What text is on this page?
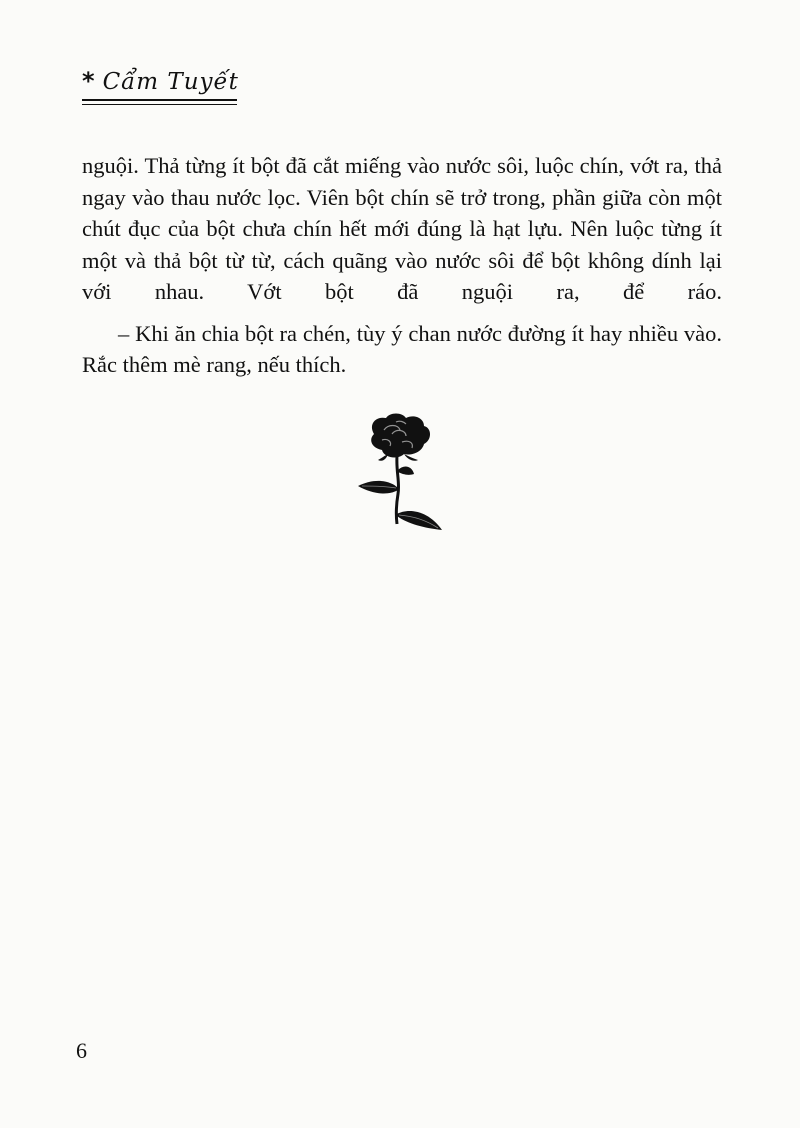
* Cẩm Tuyết

nguội. Thả từng ít bột đã cắt miếng vào nước sôi, luộc chín, vớt ra, thả ngay vào thau nước lọc. Viên bột chín sẽ trở trong, phần giữa còn một chút đục của bột chưa chín hết mới đúng là hạt lựu. Nên luộc từng ít một và thả bột từ từ, cách quãng vào nước sôi để bột không dính lại với nhau. Vớt bột đã nguội ra, để ráo.

– Khi ăn chia bột ra chén, tùy ý chan nước đường ít hay nhiều vào. Rắc thêm mè rang, nếu thích.

6
